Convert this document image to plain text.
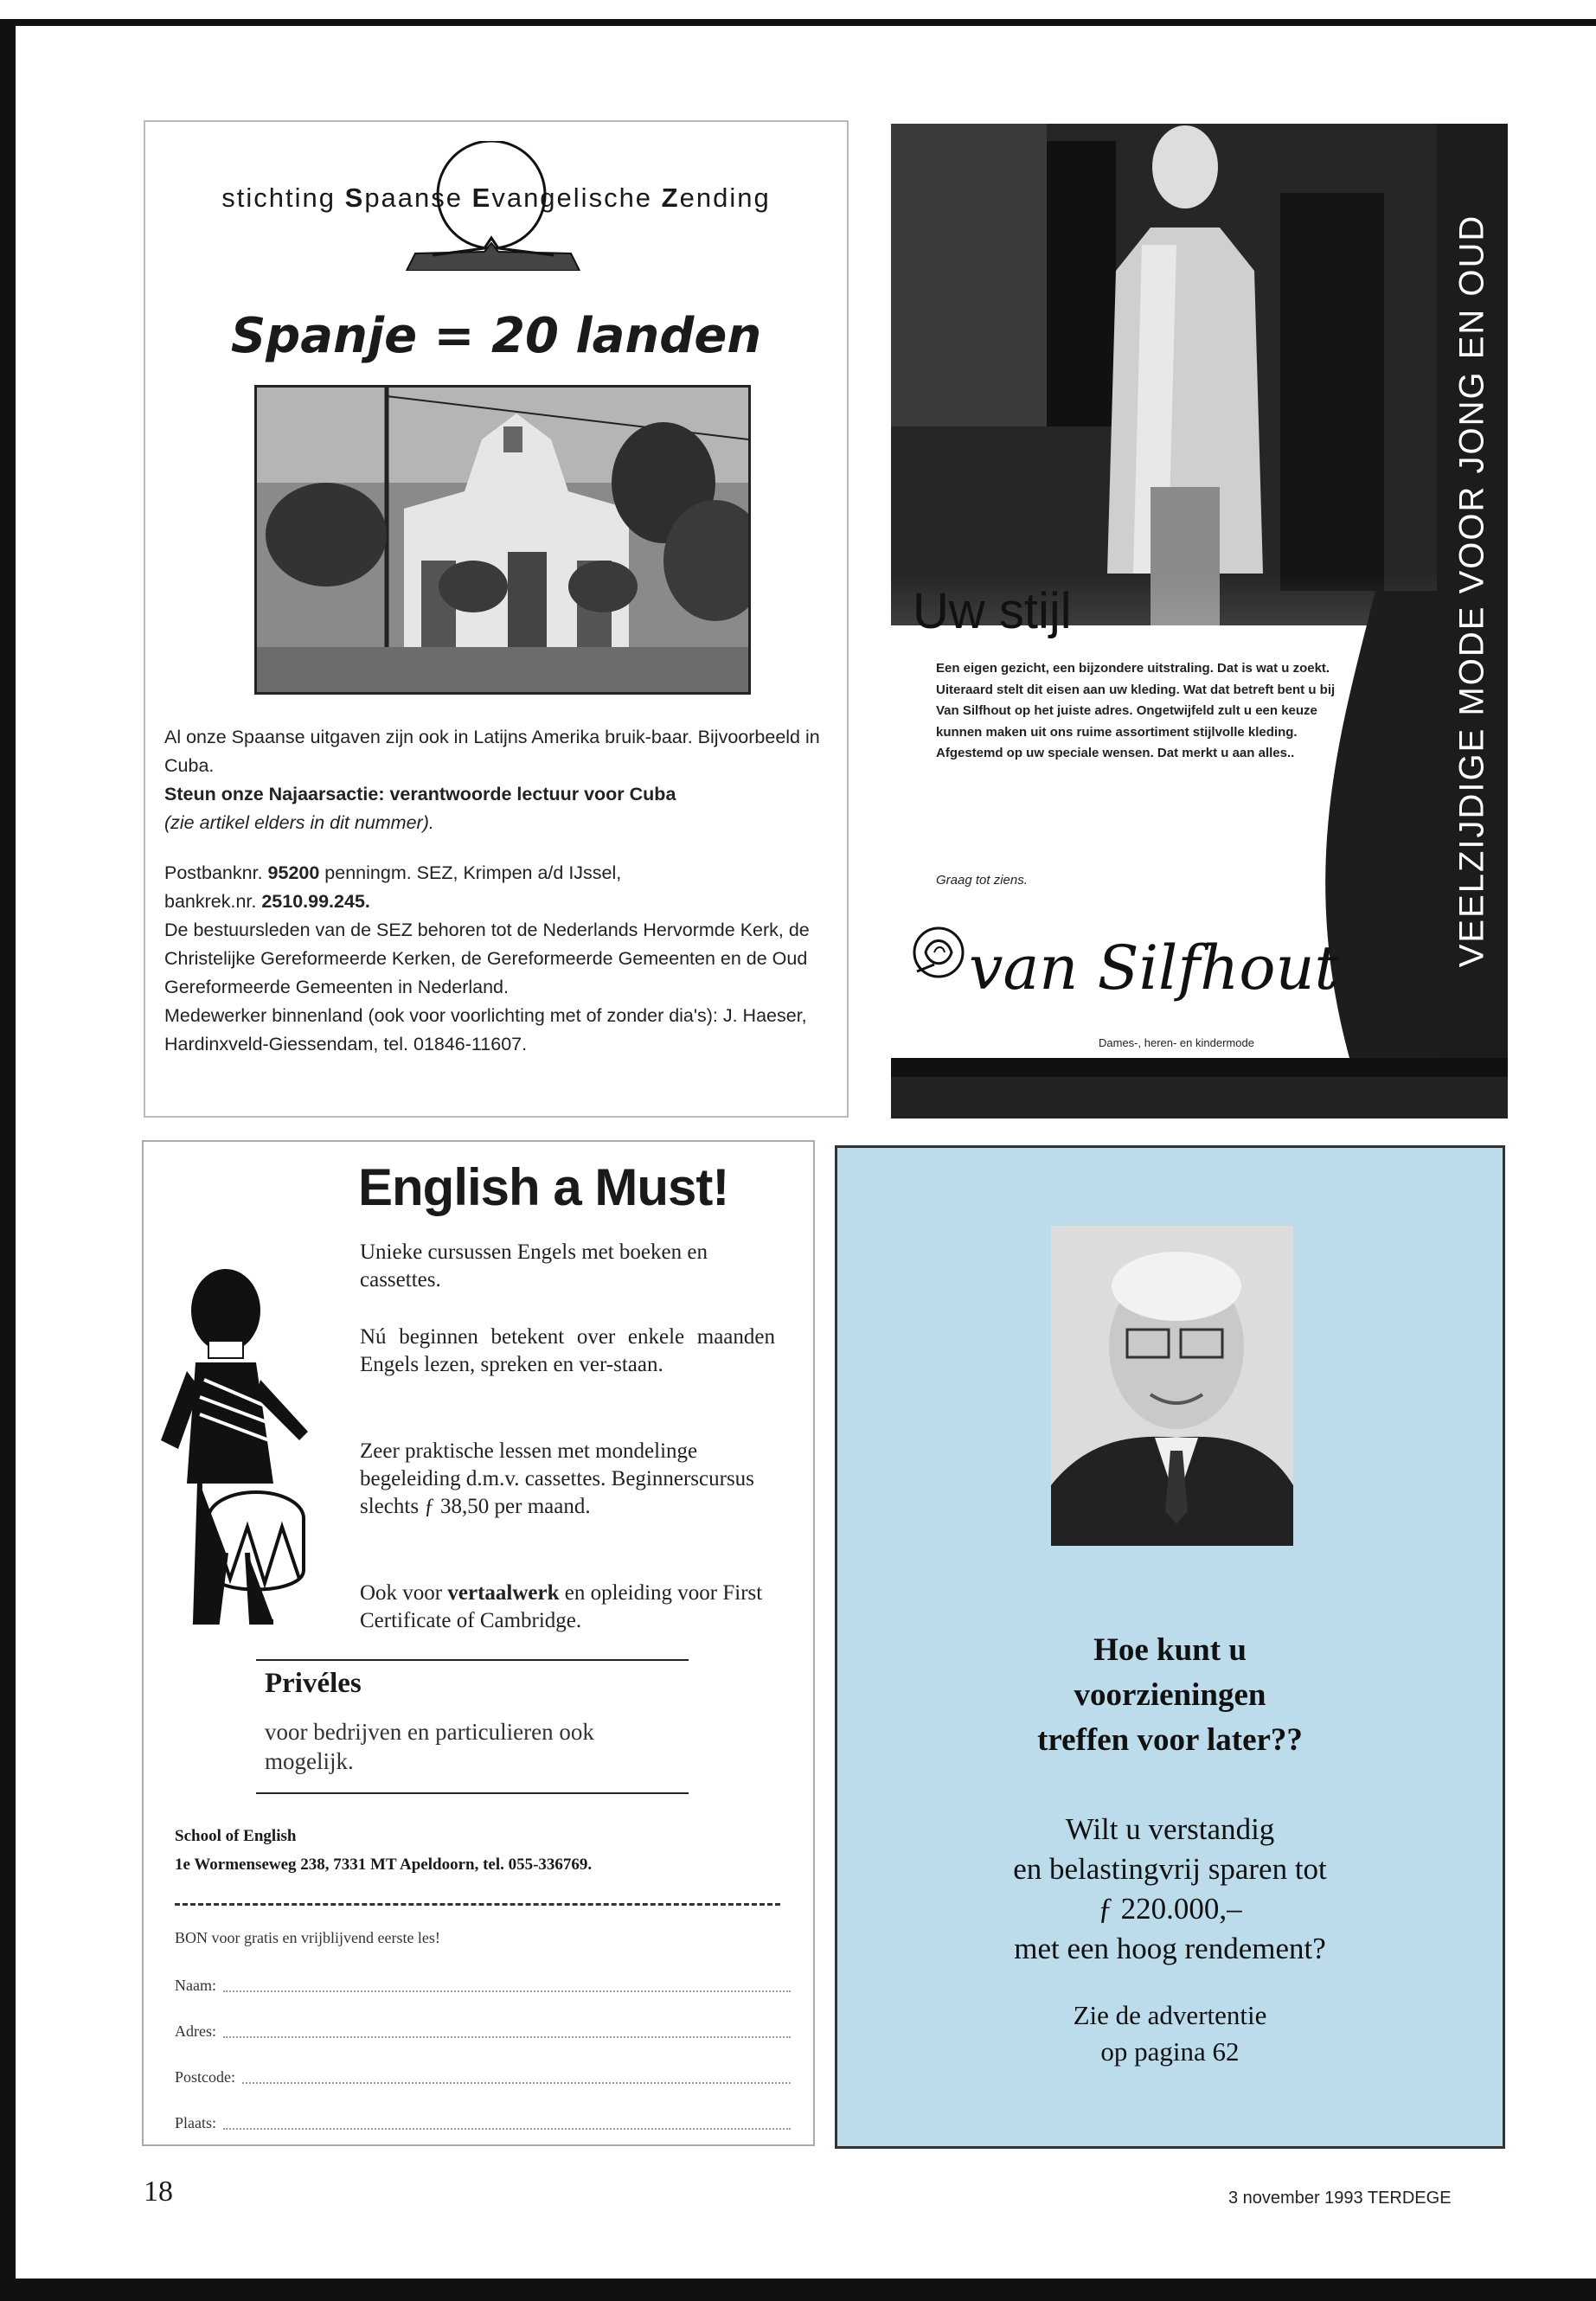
stichting Spaanse Evangelische Zending
Spanje = 20 landen

Al onze Spaanse uitgaven zijn ook in Latijns Amerika bruik-baar. Bijvoorbeeld in Cuba.

Steun onze Najaarsactie: verantwoorde lectuur voor Cuba

(zie artikel elders in dit nummer).

Postbanknr. 95200 penningm. SEZ, Krimpen a/d IJssel,

bankrek.nr. 2510.99.245.

De bestuursleden van de SEZ behoren tot de Nederlands Hervormde Kerk, de Christelijke Gereformeerde Kerken, de Gereformeerde Gemeenten en de Oud Gereformeerde Gemeenten in Nederland.

Medewerker binnenland (ook voor voorlichting met of zonder dia's): J. Haeser, Hardinxveld-Giessendam, tel. 01846-11607.

VEELZIJDIGE MODE VOOR JONG EN OUD
Uw stijl
Een eigen gezicht, een bijzondere uitstraling. Dat is wat u zoekt. Uiteraard stelt dit eisen aan uw kleding. Wat dat betreft bent u bij Van Silfhout op het juiste adres. Ongetwijfeld zult u een keuze kunnen maken uit ons ruime assortiment stijlvolle kleding. Afgestemd op uw speciale wensen. Dat merkt u aan alles..
Graag tot ziens.
van Silfhout
Dames-, heren- en kindermode
English a Must!
Unieke cursussen Engels met boeken en cassettes.
Nú beginnen betekent over enkele maanden Engels lezen, spreken en ver-staan.
Zeer praktische lessen met mondelinge begeleiding d.m.v. cassettes. Beginnerscursus slechts ƒ 38,50 per maand.
Ook voor vertaalwerk en opleiding voor First Certificate of Cambridge.
Privéles
voor bedrijven en particulieren ook mogelijk.
School of English
1e Wormenseweg 238, 7331 MT Apeldoorn, tel. 055-336769.
BON voor gratis en vrijblijvend eerste les!
Naam:
Adres:
Postcode:
Plaats:
Hoe kunt u voorzieningen treffen voor later??
Wilt u verstandig
en belastingvrij sparen tot
ƒ 220.000,–
met een hoog rendement?
Zie de advertentie
op pagina 62
18	3 november 1993 TERDEGE
